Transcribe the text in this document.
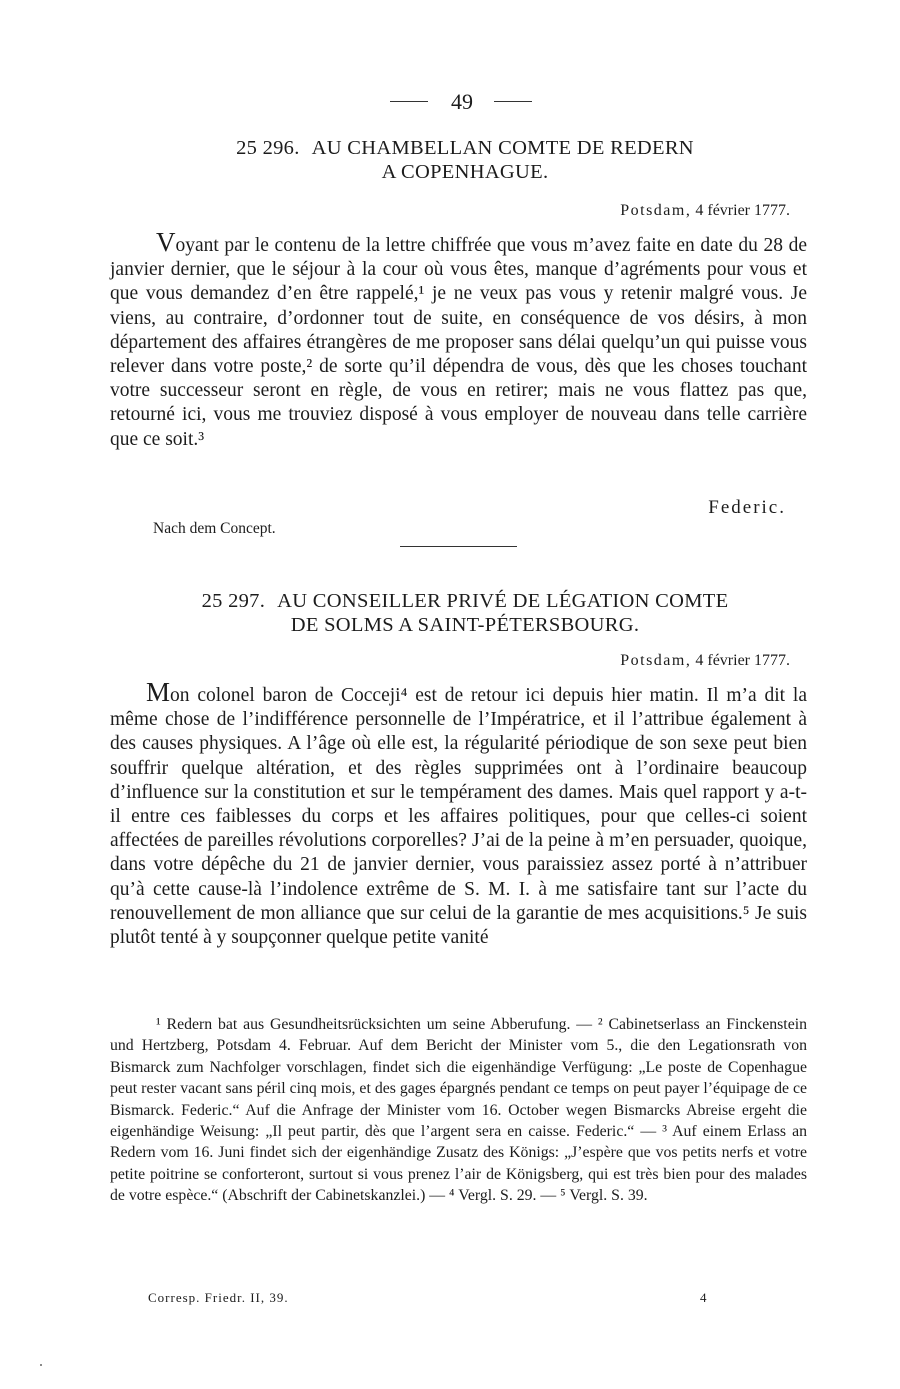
49
25 296. AU CHAMBELLAN COMTE DE REDERN
A COPENHAGUE.
Potsdam, 4 février 1777.

Voyant par le contenu de la lettre chiffrée que vous m’avez faite en date du 28 de janvier dernier, que le séjour à la cour où vous êtes, manque d’agréments pour vous et que vous demandez d’en être rappelé,¹ je ne veux pas vous y retenir malgré vous. Je viens, au contraire, d’ordonner tout de suite, en conséquence de vos désirs, à mon département des affaires étrangères de me proposer sans délai quelqu’un qui puisse vous relever dans votre poste,² de sorte qu’il dépendra de vous, dès que les choses touchant votre successeur seront en règle, de vous en retirer; mais ne vous flattez pas que, retourné ici, vous me trouviez disposé à vous employer de nouveau dans telle carrière que ce soit.³

Federic.
Nach dem Concept.
25 297. AU CONSEILLER PRIVÉ DE LÉGATION COMTE
DE SOLMS A SAINT-PÉTERSBOURG.
Potsdam, 4 février 1777.

Mon colonel baron de Cocceji⁴ est de retour ici depuis hier matin. Il m’a dit la même chose de l’indifférence personnelle de l’Impératrice, et il l’attribue également à des causes physiques. A l’âge où elle est, la régularité périodique de son sexe peut bien souffrir quelque altération, et des règles supprimées ont à l’ordinaire beaucoup d’influence sur la constitution et sur le tempérament des dames. Mais quel rapport y a-t-il entre ces faiblesses du corps et les affaires politiques, pour que celles-ci soient affectées de pareilles révolutions corporelles? J’ai de la peine à m’en persuader, quoique, dans votre dépêche du 21 de janvier dernier, vous paraissiez assez porté à n’attribuer qu’à cette cause-là l’indolence extrême de S. M. I. à me satisfaire tant sur l’acte du renouvellement de mon alliance que sur celui de la garantie de mes acquisitions.⁵ Je suis plutôt tenté à y soupçonner quelque petite vanité

¹ Redern bat aus Gesundheitsrücksichten um seine Abberufung. — ² Cabinetserlass an Finckenstein und Hertzberg, Potsdam 4. Februar. Auf dem Bericht der Minister vom 5., die den Legationsrath von Bismarck zum Nachfolger vorschlagen, findet sich die eigenhändige Verfügung: „Le poste de Copenhague peut rester vacant sans péril cinq mois, et des gages épargnés pendant ce temps on peut payer l’équipage de ce Bismarck. Federic.“ Auf die Anfrage der Minister vom 16. October wegen Bismarcks Abreise ergeht die eigenhändige Weisung: „Il peut partir, dès que l’argent sera en caisse. Federic.“ — ³ Auf einem Erlass an Redern vom 16. Juni findet sich der eigenhändige Zusatz des Königs: „J’espère que vos petits nerfs et votre petite poitrine se conforteront, surtout si vous prenez l’air de Königsberg, qui est très bien pour des malades de votre espèce.“ (Abschrift der Cabinetskanzlei.) — ⁴ Vergl. S. 29. — ⁵ Vergl. S. 39.

Corresp. Friedr. II, 39.	4
